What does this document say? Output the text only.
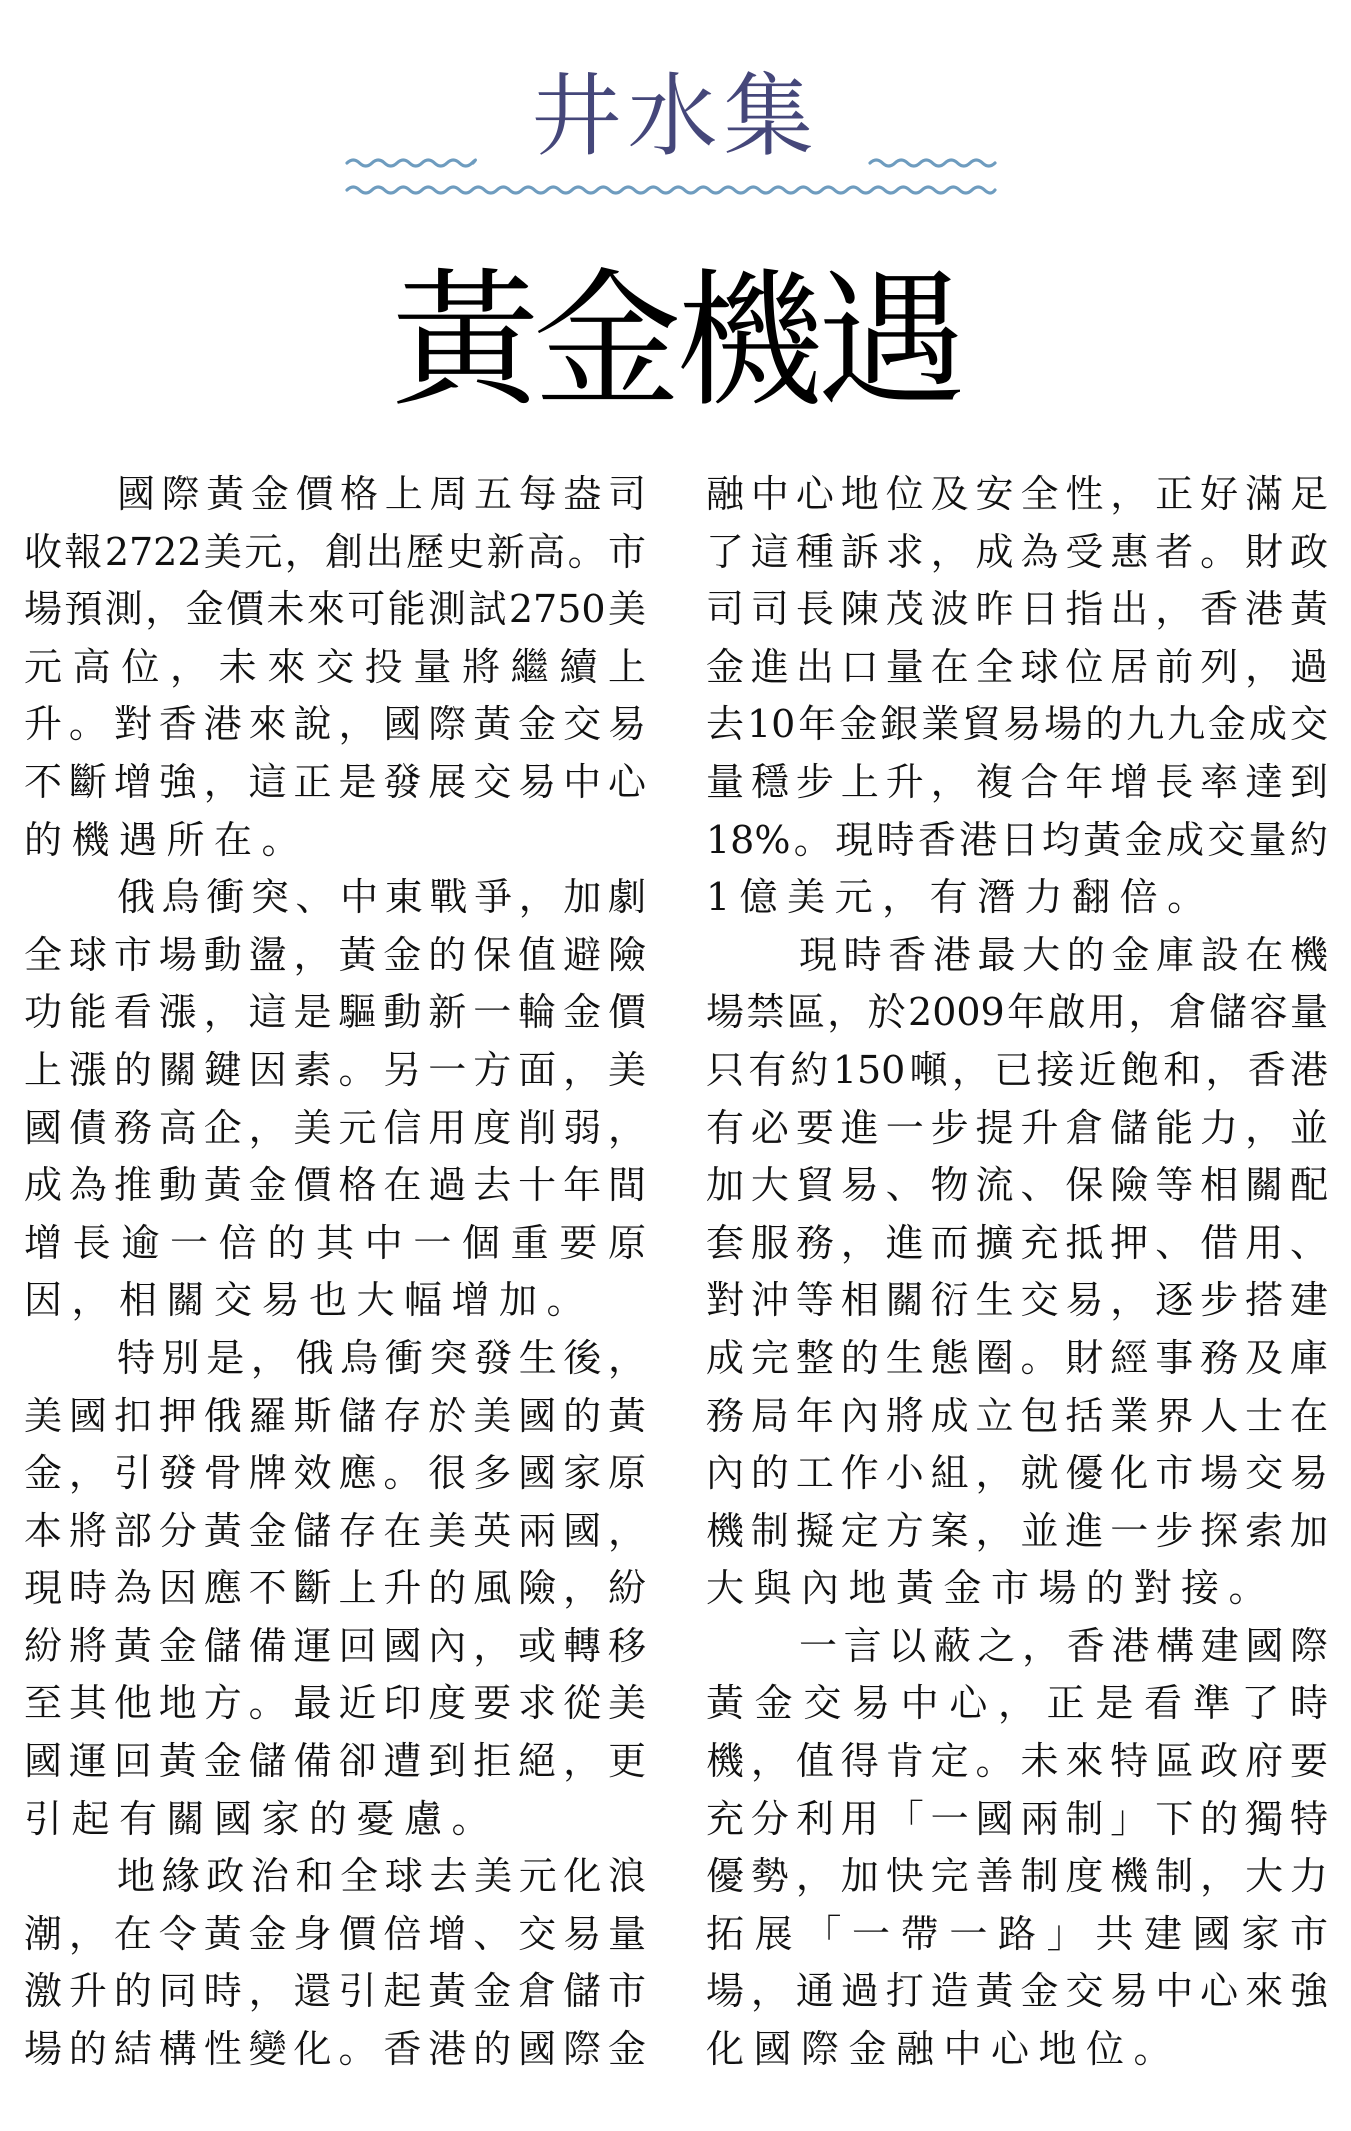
井水集
黃金機遇
國際黃金價格上周五每盎司
收報2722美元，創出歷史新高。市
場預測，金價未來可能測試2750美
元高位，未來交投量將繼續上
升。對香港來說，國際黃金交易
不斷增強，這正是發展交易中心
的機遇所在。
俄烏衝突、中東戰爭，加劇
全球市場動盪，黃金的保值避險
功能看漲，這是驅動新一輪金價
上漲的關鍵因素。另一方面，美
國債務高企，美元信用度削弱，
成為推動黃金價格在過去十年間
增長逾一倍的其中一個重要原
因，相關交易也大幅增加。
特別是，俄烏衝突發生後，
美國扣押俄羅斯儲存於美國的黃
金，引發骨牌效應。很多國家原
本將部分黃金儲存在美英兩國，
現時為因應不斷上升的風險，紛
紛將黃金儲備運回國內，或轉移
至其他地方。最近印度要求從美
國運回黃金儲備卻遭到拒絕，更
引起有關國家的憂慮。
地緣政治和全球去美元化浪
潮，在令黃金身價倍增、交易量
激升的同時，還引起黃金倉儲市
場的結構性變化。香港的國際金
融中心地位及安全性，正好滿足
了這種訴求，成為受惠者。財政
司司長陳茂波昨日指出，香港黃
金進出口量在全球位居前列，過
去10年金銀業貿易場的九九金成交
量穩步上升，複合年增長率達到
18%。現時香港日均黃金成交量約
1億美元，有潛力翻倍。
現時香港最大的金庫設在機
場禁區，於2009年啟用，倉儲容量
只有約150噸，已接近飽和，香港
有必要進一步提升倉儲能力，並
加大貿易、物流、保險等相關配
套服務，進而擴充抵押、借用、
對沖等相關衍生交易，逐步搭建
成完整的生態圈。財經事務及庫
務局年內將成立包括業界人士在
內的工作小組，就優化市場交易
機制擬定方案，並進一步探索加
大與內地黃金市場的對接。
一言以蔽之，香港構建國際
黃金交易中心，正是看準了時
機，值得肯定。未來特區政府要
充分利用「一國兩制」下的獨特
優勢，加快完善制度機制，大力
拓展「一帶一路」共建國家市
場，通過打造黃金交易中心來強
化國際金融中心地位。
